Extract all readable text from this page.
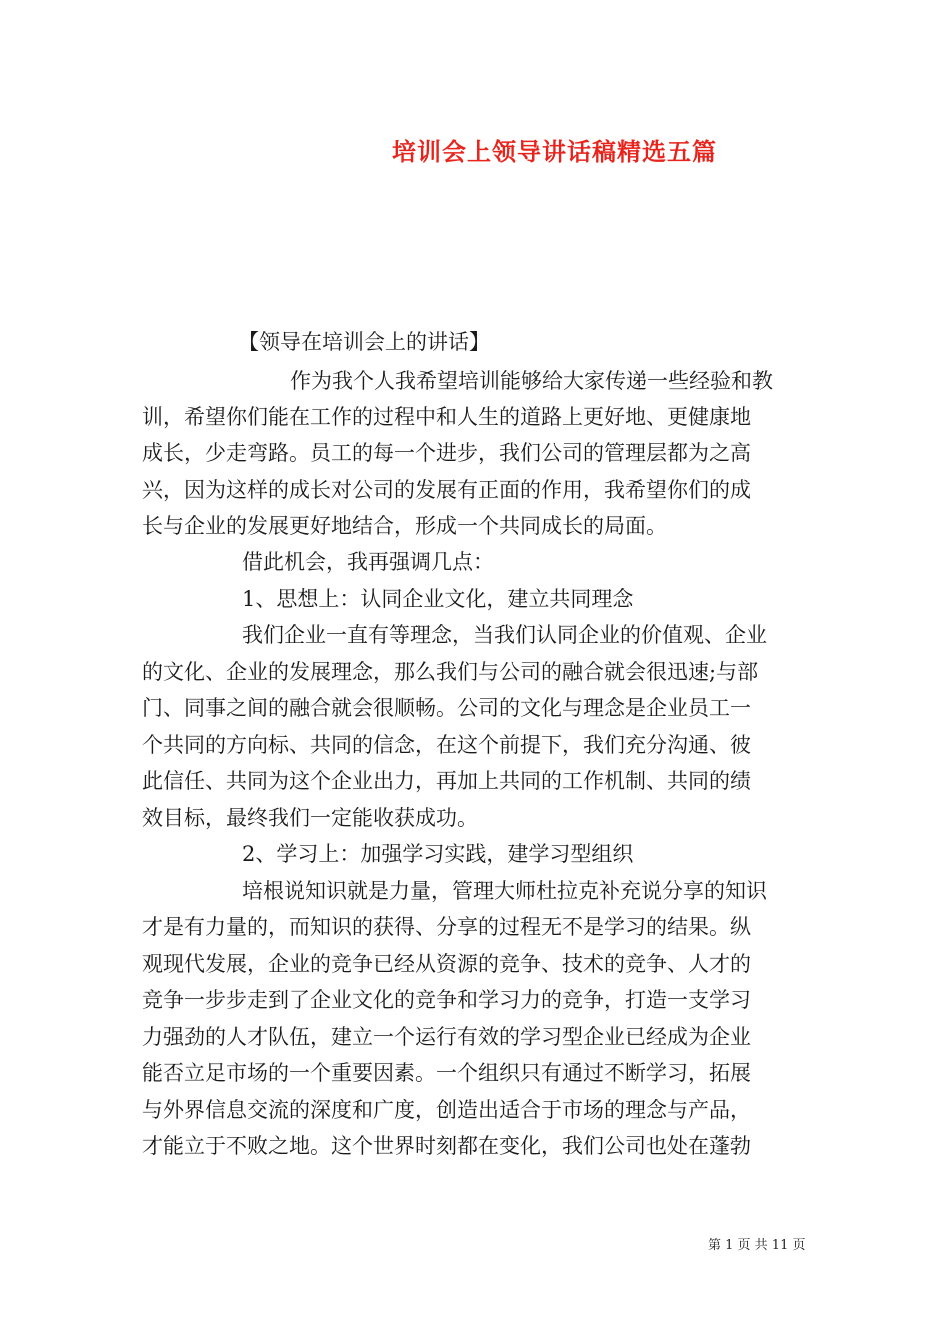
培训会上领导讲话稿精选五篇
【领导在培训会上的讲话】
作为我个人我希望培训能够给大家传递一些经验和教
训，希望你们能在工作的过程中和人生的道路上更好地、更健康地
成长，少走弯路。员工的每一个进步，我们公司的管理层都为之高
兴，因为这样的成长对公司的发展有正面的作用，我希望你们的成
长与企业的发展更好地结合，形成一个共同成长的局面。
借此机会，我再强调几点：
1、思想上：认同企业文化，建立共同理念
我们企业一直有等理念，当我们认同企业的价值观、企业
的文化、企业的发展理念，那么我们与公司的融合就会很迅速;与部
门、同事之间的融合就会很顺畅。公司的文化与理念是企业员工一
个共同的方向标、共同的信念，在这个前提下，我们充分沟通、彼
此信任、共同为这个企业出力，再加上共同的工作机制、共同的绩
效目标，最终我们一定能收获成功。
2、学习上：加强学习实践，建学习型组织
培根说知识就是力量，管理大师杜拉克补充说分享的知识
才是有力量的，而知识的获得、分享的过程无不是学习的结果。纵
观现代发展，企业的竞争已经从资源的竞争、技术的竞争、人才的
竞争一步步走到了企业文化的竞争和学习力的竞争，打造一支学习
力强劲的人才队伍，建立一个运行有效的学习型企业已经成为企业
能否立足市场的一个重要因素。一个组织只有通过不断学习，拓展
与外界信息交流的深度和广度，创造出适合于市场的理念与产品，
才能立于不败之地。这个世界时刻都在变化，我们公司也处在蓬勃
第 1 页 共 11 页
